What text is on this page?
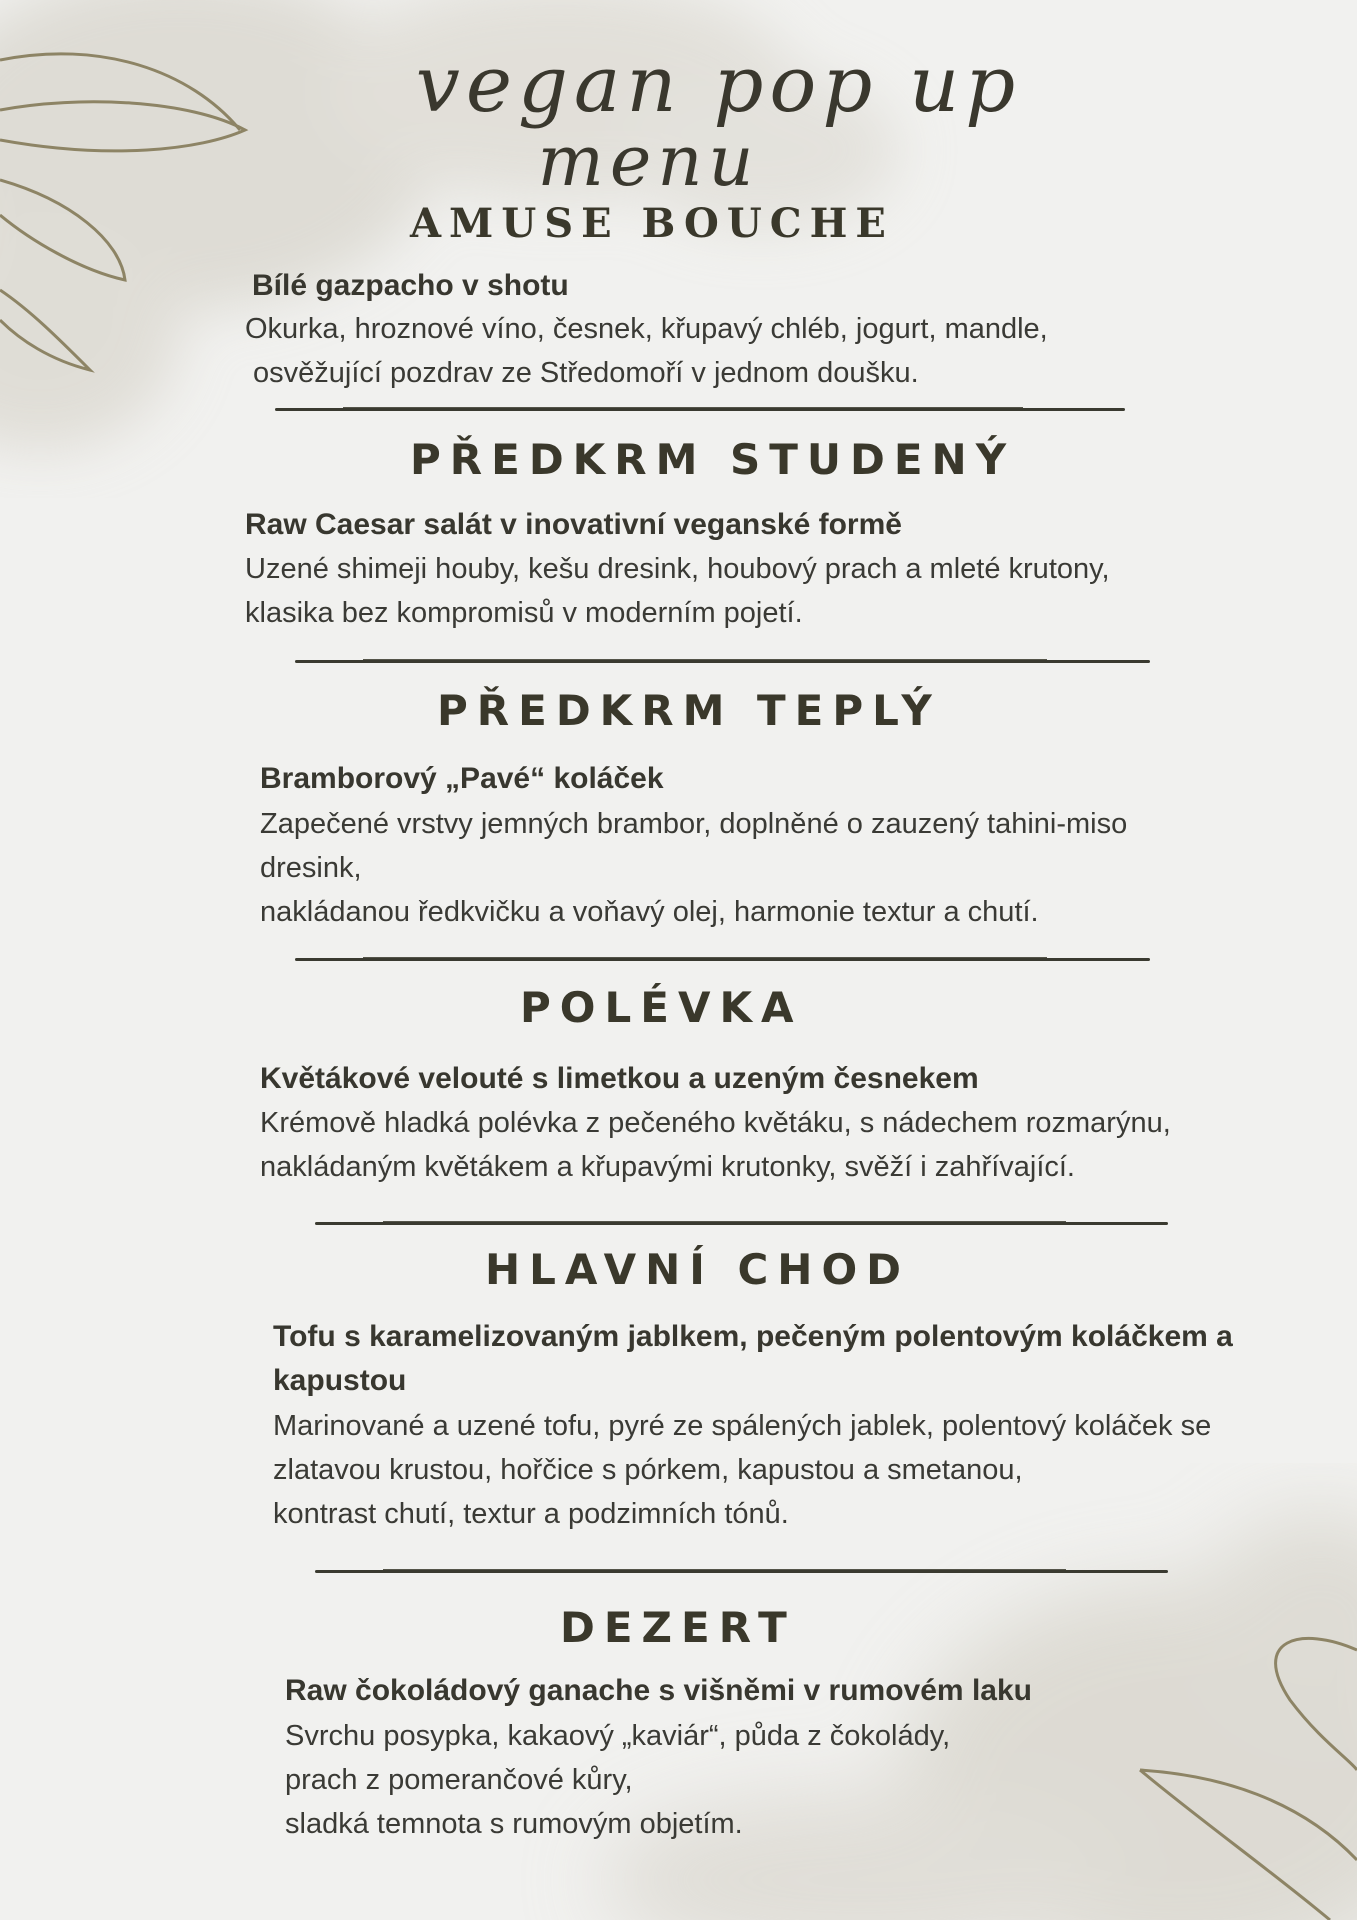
vegan pop up
menu
AMUSE BOUCHE
Bílé gazpacho v shotu
Okurka, hroznové víno, česnek, křupavý chléb, jogurt, mandle,
osvěžující pozdrav ze Středomoří v jednom doušku.
PŘEDKRM STUDENÝ
Raw Caesar salát v inovativní veganské formě
Uzené shimeji houby, kešu dresink, houbový prach a mleté krutony,
klasika bez kompromisů v moderním pojetí.
PŘEDKRM TEPLÝ
Bramborový „Pavé“ koláček
Zapečené vrstvy jemných brambor, doplněné o zauzený tahini-miso
dresink,
nakládanou ředkvičku a voňavý olej, harmonie textur a chutí.
POLÉVKA
Květákové velouté s limetkou a uzeným česnekem
Krémově hladká polévka z pečeného květáku, s nádechem rozmarýnu,
nakládaným květákem a křupavými krutonky, svěží i zahřívající.
HLAVNÍ CHOD
Tofu s karamelizovaným jablkem, pečeným polentovým koláčkem a
kapustou
Marinované a uzené tofu, pyré ze spálených jablek, polentový koláček se
zlatavou krustou, hořčice s pórkem, kapustou a smetanou,
kontrast chutí, textur a podzimních tónů.
DEZERT
Raw čokoládový ganache s višněmi v rumovém laku
Svrchu posypka, kakaový „kaviár“, půda z čokolády,
prach z pomerančové kůry,
sladká temnota s rumovým objetím.
